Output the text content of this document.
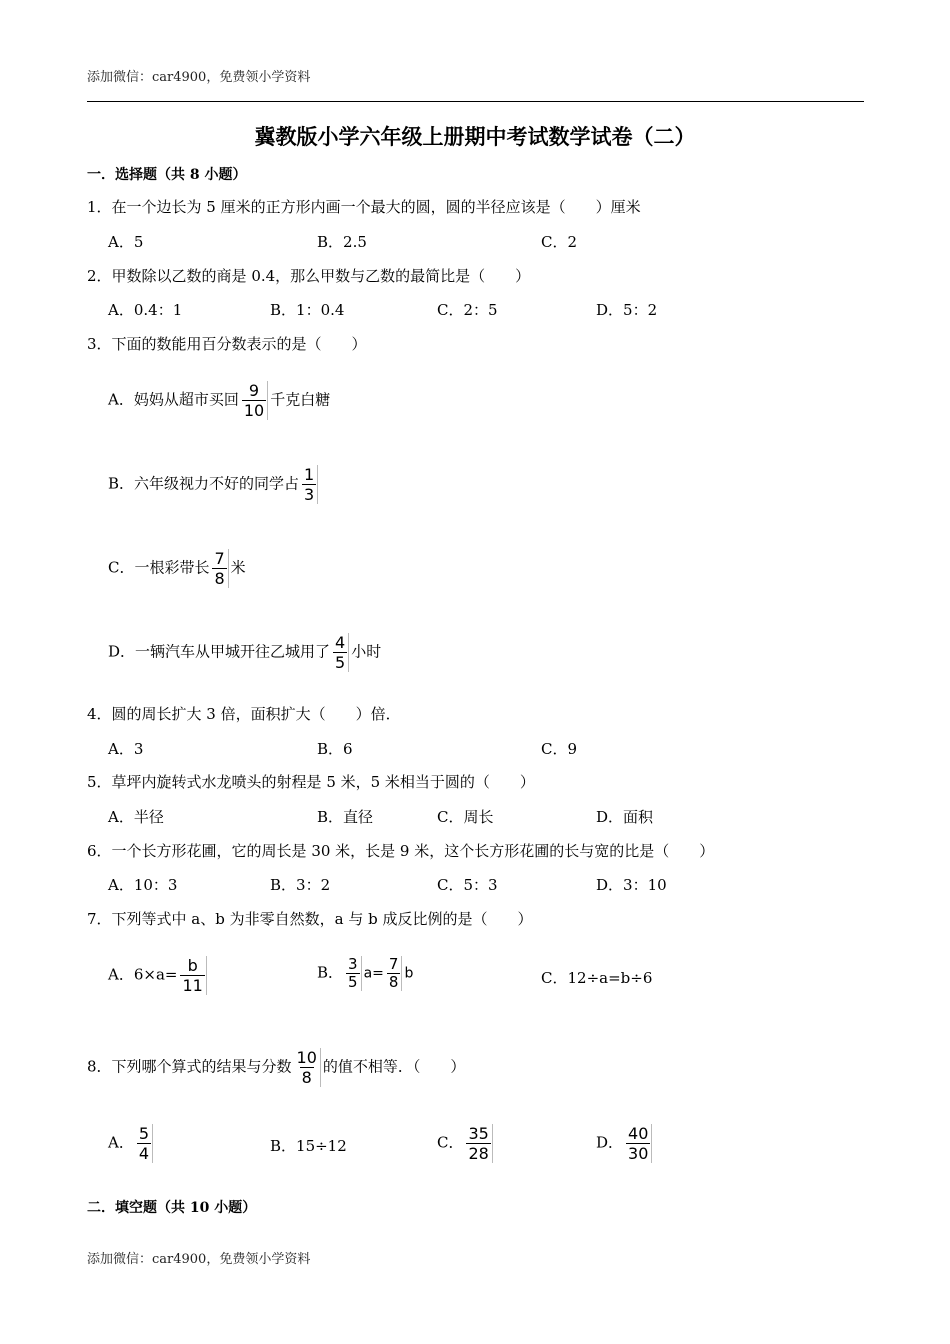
添加微信：car4900，免费领小学资料
冀教版小学六年级上册期中考试数学试卷（二）
一．选择题（共 8 小题）
1．在一个边长为 5 厘米的正方形内画一个最大的圆，圆的半径应该是（　　）厘米
A．5	B．2.5	C．2
2．甲数除以乙数的商是 0.4，那么甲数与乙数的最简比是（　　）
A．0.4：1	B．1：0.4	C．2：5	D．5：2
3．下面的数能用百分数表示的是（　　）
A．妈妈从超市买回 $\frac{9}{10}$ 千克白糖
B．六年级视力不好的同学占 $\frac{1}{3}$
C．一根彩带长 $\frac{7}{8}$ 米
D．一辆汽车从甲城开往乙城用了 $\frac{4}{5}$ 小时
4．圆的周长扩大 3 倍，面积扩大（　　）倍．
A．3	B．6	C．9
5．草坪内旋转式水龙喷头的射程是 5 米，5 米相当于圆的（　　）
A．半径	B．直径	C．周长	D．面积
6．一个长方形花圃，它的周长是 30 米，长是 9 米，这个长方形花圃的长与宽的比是（　　）
A．10：3	B．3：2	C．5：3	D．3：10
7．下列等式中 a、b 为非零自然数，a 与 b 成反比例的是（　　）
A．$6\times a= \frac{b}{11}$	B． $\frac{3}{5} a= \frac{7}{8}$ b	C．12÷a=b÷6
8．下列哪个算式的结果与分数 $\frac{10}{8}$ 的值不相等．（　　）
A． $\frac{5}{4}$	B．15÷12	C． $\frac{35}{28}$	D． $\frac{40}{30}$
二．填空题（共 10 小题）
添加微信：car4900，免费领小学资料
